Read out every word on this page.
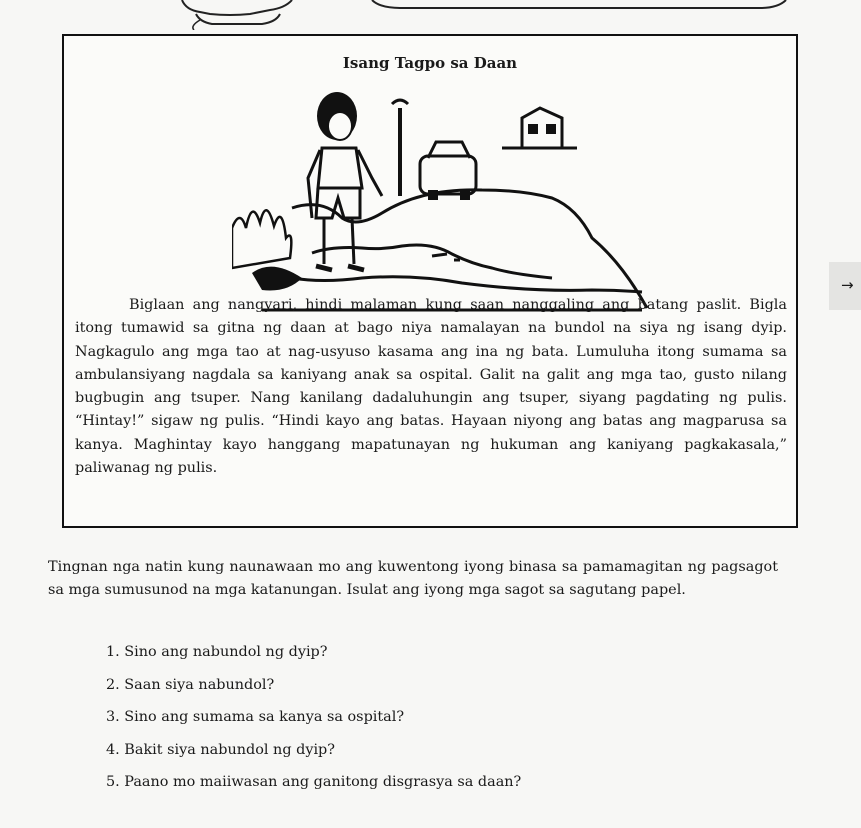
Isang Tagpo sa Daan

Biglaan ang nangyari, hindi malaman kung saan nanggaling ang batang paslit. Bigla itong tumawid sa gitna ng daan at bago niya namalayan na bundol na siya ng isang dyip. Nagkagulo ang mga tao at nag-usyuso kasama ang ina ng bata. Lumuluha itong sumama sa ambulansiyang nagdala sa kaniyang anak sa ospital. Galit na galit ang mga tao, gusto nilang bugbugin ang tsuper. Nang kanilang dadaluhungin ang tsuper, siyang pagdating ng pulis. “Hintay!” sigaw ng pulis. “Hindi kayo ang batas. Hayaan niyong ang batas ang magparusa sa kanya. Maghintay kayo hanggang mapatunayan ng hukuman ang kaniyang pagkakasala,” paliwanag ng pulis.

Tingnan nga natin kung naunawaan mo ang kuwentong iyong binasa sa pamamagitan ng pagsagot sa mga sumusunod na mga katanungan. Isulat ang iyong mga sagot sa sagutang papel.

1. Sino ang nabundol ng dyip?
2. Saan siya nabundol?
3. Sino ang sumama sa kanya sa ospital?
4. Bakit siya nabundol ng dyip?
5. Paano mo maiiwasan ang ganitong disgrasya sa daan?
→
